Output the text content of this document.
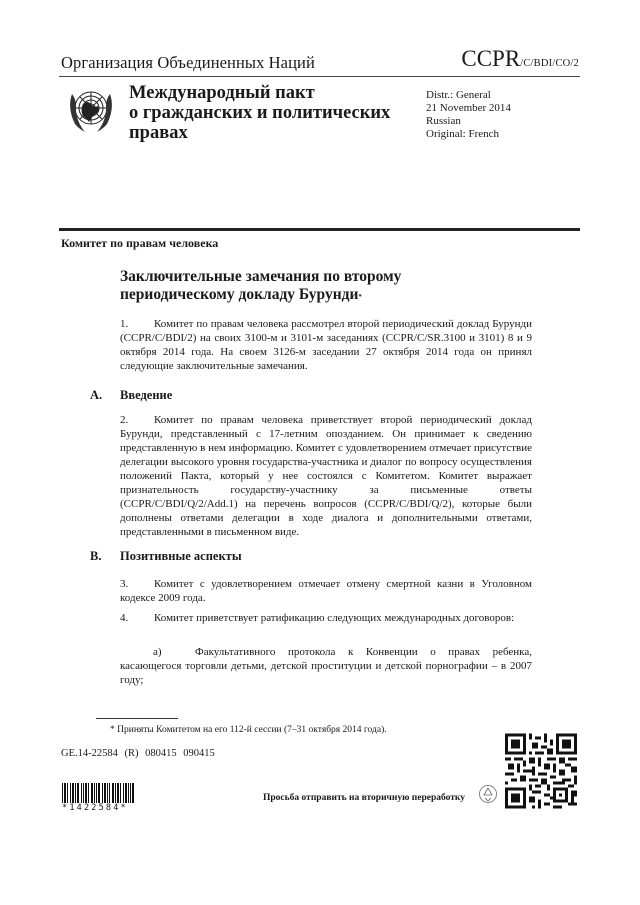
Организация Объединенных Наций	CCPR/C/BDI/CO/2
Международный пакт
о гражданских и политических
правах
Distr.: General
21 November 2014
Russian
Original: French
Комитет по правам человека
Заключительные замечания по второму
периодическому докладу Бурунди*
1. Комитет по правам человека рассмотрел второй периодический доклад Бурунди (CCPR/C/BDI/2) на своих 3100-м и 3101-м заседаниях (CCPR/C/SR.3100 и 3101) 8 и 9 октября 2014 года. На своем 3126-м заседании 27 октября 2014 года он принял следующие заключительные замечания.
A. Введение
2. Комитет по правам человека приветствует второй периодический доклад Бурунди, представленный с 17-летним опозданием. Он принимает к сведению представленную в нем информацию. Комитет с удовлетворением отмечает присутствие делегации высокого уровня государства-участника и диалог по вопросу осуществления положений Пакта, который у нее состоялся с Комитетом. Комитет выражает признательность государству-участнику за письменные ответы (CCPR/C/BDI/Q/2/Add.1) на перечень вопросов (CCPR/C/BDI/Q/2), которые были дополнены ответами делегации в ходе диалога и дополнительными ответами, представленными в письменном виде.
B. Позитивные аспекты
3. Комитет с удовлетворением отмечает отмену смертной казни в Уголовном кодексе 2009 года.
4. Комитет приветствует ратификацию следующих международных договоров:
a)	Факультативного протокола к Конвенции о правах ребенка, касающегося торговли детьми, детской проституции и детской порнографии – в 2007 году;
* Приняты Комитетом на его 112-й сессии (7–31 октября 2014 года).
GE.14-22584 (R) 080415 090415
*1422584*
Просьба отправить на вторичную переработку
